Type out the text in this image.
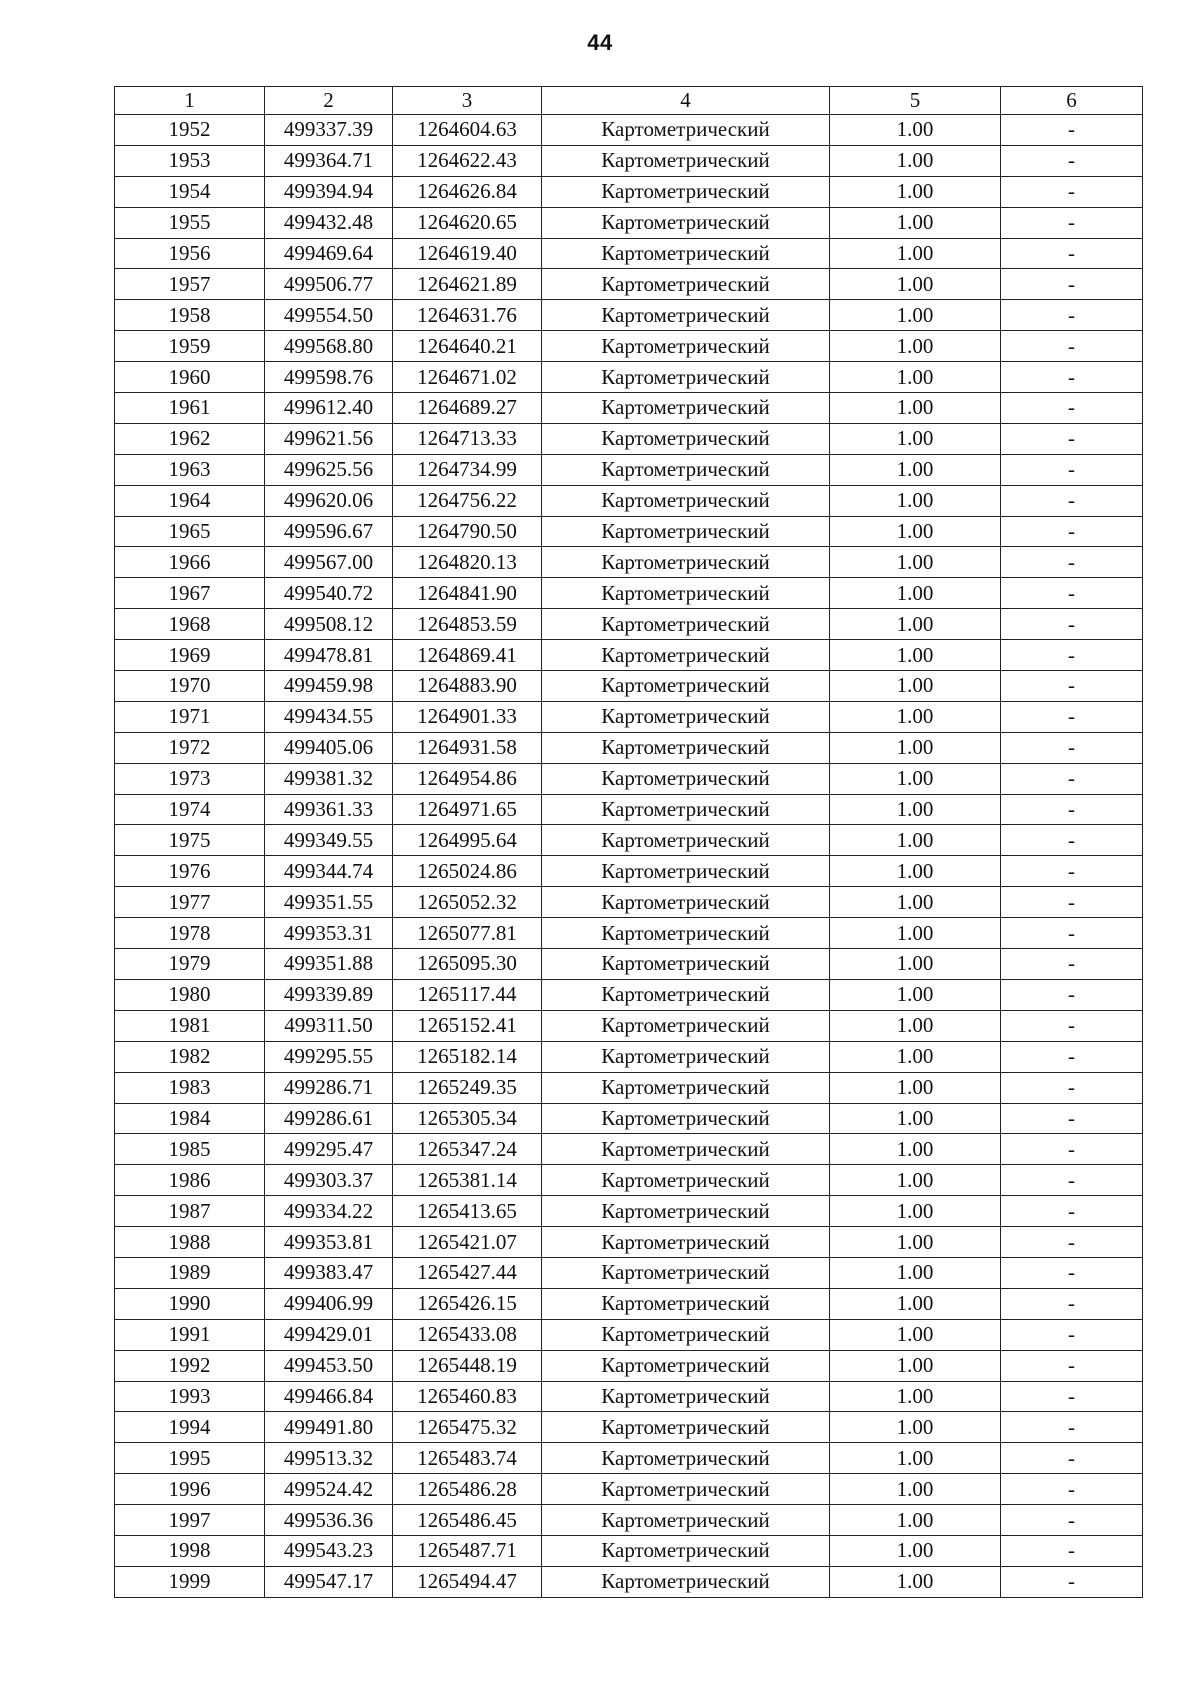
44
1	2	3	4	5	6
1952	499337.39	1264604.63	Картометрический	1.00	-
1953	499364.71	1264622.43	Картометрический	1.00	-
1954	499394.94	1264626.84	Картометрический	1.00	-
1955	499432.48	1264620.65	Картометрический	1.00	-
1956	499469.64	1264619.40	Картометрический	1.00	-
1957	499506.77	1264621.89	Картометрический	1.00	-
1958	499554.50	1264631.76	Картометрический	1.00	-
1959	499568.80	1264640.21	Картометрический	1.00	-
1960	499598.76	1264671.02	Картометрический	1.00	-
1961	499612.40	1264689.27	Картометрический	1.00	-
1962	499621.56	1264713.33	Картометрический	1.00	-
1963	499625.56	1264734.99	Картометрический	1.00	-
1964	499620.06	1264756.22	Картометрический	1.00	-
1965	499596.67	1264790.50	Картометрический	1.00	-
1966	499567.00	1264820.13	Картометрический	1.00	-
1967	499540.72	1264841.90	Картометрический	1.00	-
1968	499508.12	1264853.59	Картометрический	1.00	-
1969	499478.81	1264869.41	Картометрический	1.00	-
1970	499459.98	1264883.90	Картометрический	1.00	-
1971	499434.55	1264901.33	Картометрический	1.00	-
1972	499405.06	1264931.58	Картометрический	1.00	-
1973	499381.32	1264954.86	Картометрический	1.00	-
1974	499361.33	1264971.65	Картометрический	1.00	-
1975	499349.55	1264995.64	Картометрический	1.00	-
1976	499344.74	1265024.86	Картометрический	1.00	-
1977	499351.55	1265052.32	Картометрический	1.00	-
1978	499353.31	1265077.81	Картометрический	1.00	-
1979	499351.88	1265095.30	Картометрический	1.00	-
1980	499339.89	1265117.44	Картометрический	1.00	-
1981	499311.50	1265152.41	Картометрический	1.00	-
1982	499295.55	1265182.14	Картометрический	1.00	-
1983	499286.71	1265249.35	Картометрический	1.00	-
1984	499286.61	1265305.34	Картометрический	1.00	-
1985	499295.47	1265347.24	Картометрический	1.00	-
1986	499303.37	1265381.14	Картометрический	1.00	-
1987	499334.22	1265413.65	Картометрический	1.00	-
1988	499353.81	1265421.07	Картометрический	1.00	-
1989	499383.47	1265427.44	Картометрический	1.00	-
1990	499406.99	1265426.15	Картометрический	1.00	-
1991	499429.01	1265433.08	Картометрический	1.00	-
1992	499453.50	1265448.19	Картометрический	1.00	-
1993	499466.84	1265460.83	Картометрический	1.00	-
1994	499491.80	1265475.32	Картометрический	1.00	-
1995	499513.32	1265483.74	Картометрический	1.00	-
1996	499524.42	1265486.28	Картометрический	1.00	-
1997	499536.36	1265486.45	Картометрический	1.00	-
1998	499543.23	1265487.71	Картометрический	1.00	-
1999	499547.17	1265494.47	Картометрический	1.00	-
